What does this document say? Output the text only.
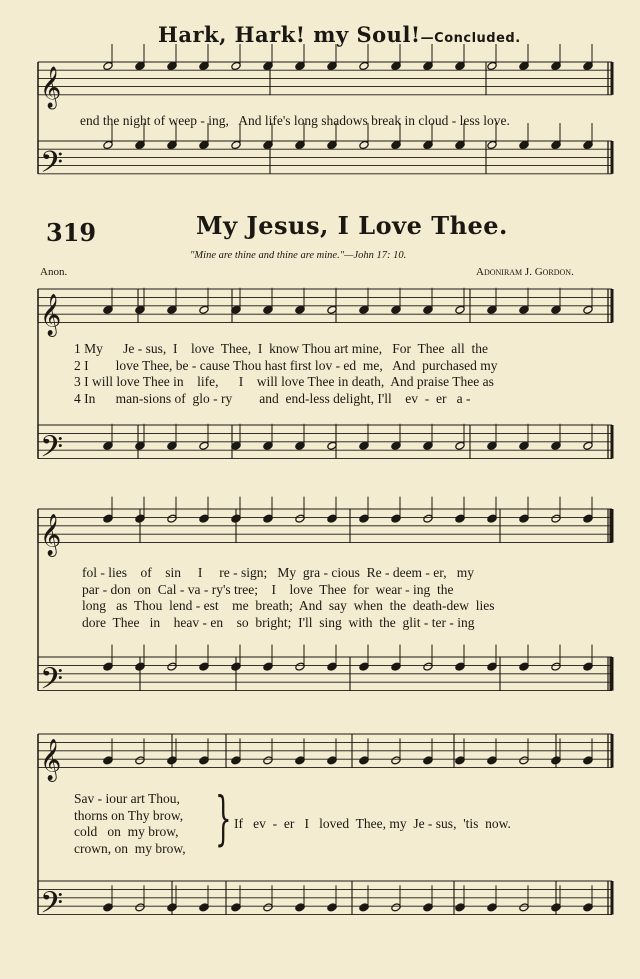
Hark, Hark! my Soul!—Concluded.
𝄞
𝄢
𝄞
𝄢
𝄞
𝄢
𝄞
𝄢
end the night of weep - ing,   And life's long shadows break in cloud - less love.
319	My Jesus, I Love Thee.
"Mine are thine and thine are mine."—John 17: 10.
Anon.	Adoniram J. Gordon.
1 My      Je - sus,  I    love  Thee,  I  know Thou art mine,   For  Thee  all  the
2 I        love Thee, be - cause Thou hast first lov - ed  me,   And  purchased my
3 I will love Thee in    life,      I    will love Thee in death,  And praise Thee as
4 In      man-sions of  glo - ry        and  end-less delight, I'll    ev  -  er   a -
fol - lies    of    sin     I     re - sign;   My  gra - cious  Re - deem - er,   my
par - don  on  Cal - va - ry's tree;    I    love  Thee  for  wear - ing  the
long   as  Thou  lend - est    me  breath;  And  say  when  the  death-dew  lies
dore  Thee   in    heav - en    so  bright;  I'll  sing  with  the  glit - ter - ing
Sav - iour art Thou,
thorns on Thy brow,
cold   on  my brow,
crown, on  my brow, } If   ev  -  er   I   loved  Thee, my  Je - sus,  'tis  now.
